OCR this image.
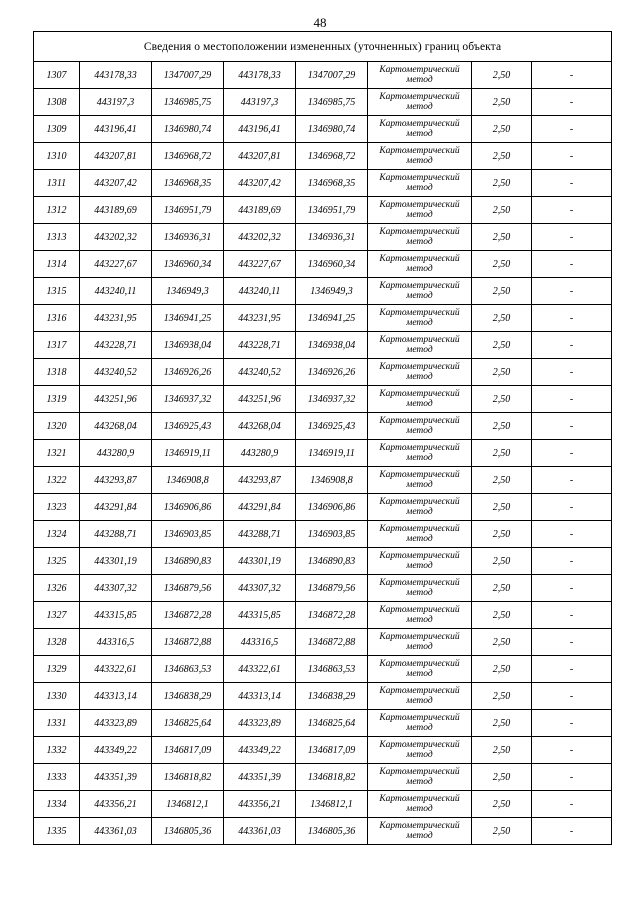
48
Сведения о местоположении измененных (уточненных) границ объекта							
1307	443178,33	1347007,29	443178,33	1347007,29	Картометрический метод	2,50	-
1308	443197,3	1346985,75	443197,3	1346985,75	Картометрический метод	2,50	-
1309	443196,41	1346980,74	443196,41	1346980,74	Картометрический метод	2,50	-
1310	443207,81	1346968,72	443207,81	1346968,72	Картометрический метод	2,50	-
1311	443207,42	1346968,35	443207,42	1346968,35	Картометрический метод	2,50	-
1312	443189,69	1346951,79	443189,69	1346951,79	Картометрический метод	2,50	-
1313	443202,32	1346936,31	443202,32	1346936,31	Картометрический метод	2,50	-
1314	443227,67	1346960,34	443227,67	1346960,34	Картометрический метод	2,50	-
1315	443240,11	1346949,3	443240,11	1346949,3	Картометрический метод	2,50	-
1316	443231,95	1346941,25	443231,95	1346941,25	Картометрический метод	2,50	-
1317	443228,71	1346938,04	443228,71	1346938,04	Картометрический метод	2,50	-
1318	443240,52	1346926,26	443240,52	1346926,26	Картометрический метод	2,50	-
1319	443251,96	1346937,32	443251,96	1346937,32	Картометрический метод	2,50	-
1320	443268,04	1346925,43	443268,04	1346925,43	Картометрический метод	2,50	-
1321	443280,9	1346919,11	443280,9	1346919,11	Картометрический метод	2,50	-
1322	443293,87	1346908,8	443293,87	1346908,8	Картометрический метод	2,50	-
1323	443291,84	1346906,86	443291,84	1346906,86	Картометрический метод	2,50	-
1324	443288,71	1346903,85	443288,71	1346903,85	Картометрический метод	2,50	-
1325	443301,19	1346890,83	443301,19	1346890,83	Картометрический метод	2,50	-
1326	443307,32	1346879,56	443307,32	1346879,56	Картометрический метод	2,50	-
1327	443315,85	1346872,28	443315,85	1346872,28	Картометрический метод	2,50	-
1328	443316,5	1346872,88	443316,5	1346872,88	Картометрический метод	2,50	-
1329	443322,61	1346863,53	443322,61	1346863,53	Картометрический метод	2,50	-
1330	443313,14	1346838,29	443313,14	1346838,29	Картометрический метод	2,50	-
1331	443323,89	1346825,64	443323,89	1346825,64	Картометрический метод	2,50	-
1332	443349,22	1346817,09	443349,22	1346817,09	Картометрический метод	2,50	-
1333	443351,39	1346818,82	443351,39	1346818,82	Картометрический метод	2,50	-
1334	443356,21	1346812,1	443356,21	1346812,1	Картометрический метод	2,50	-
1335	443361,03	1346805,36	443361,03	1346805,36	Картометрический метод	2,50	-
